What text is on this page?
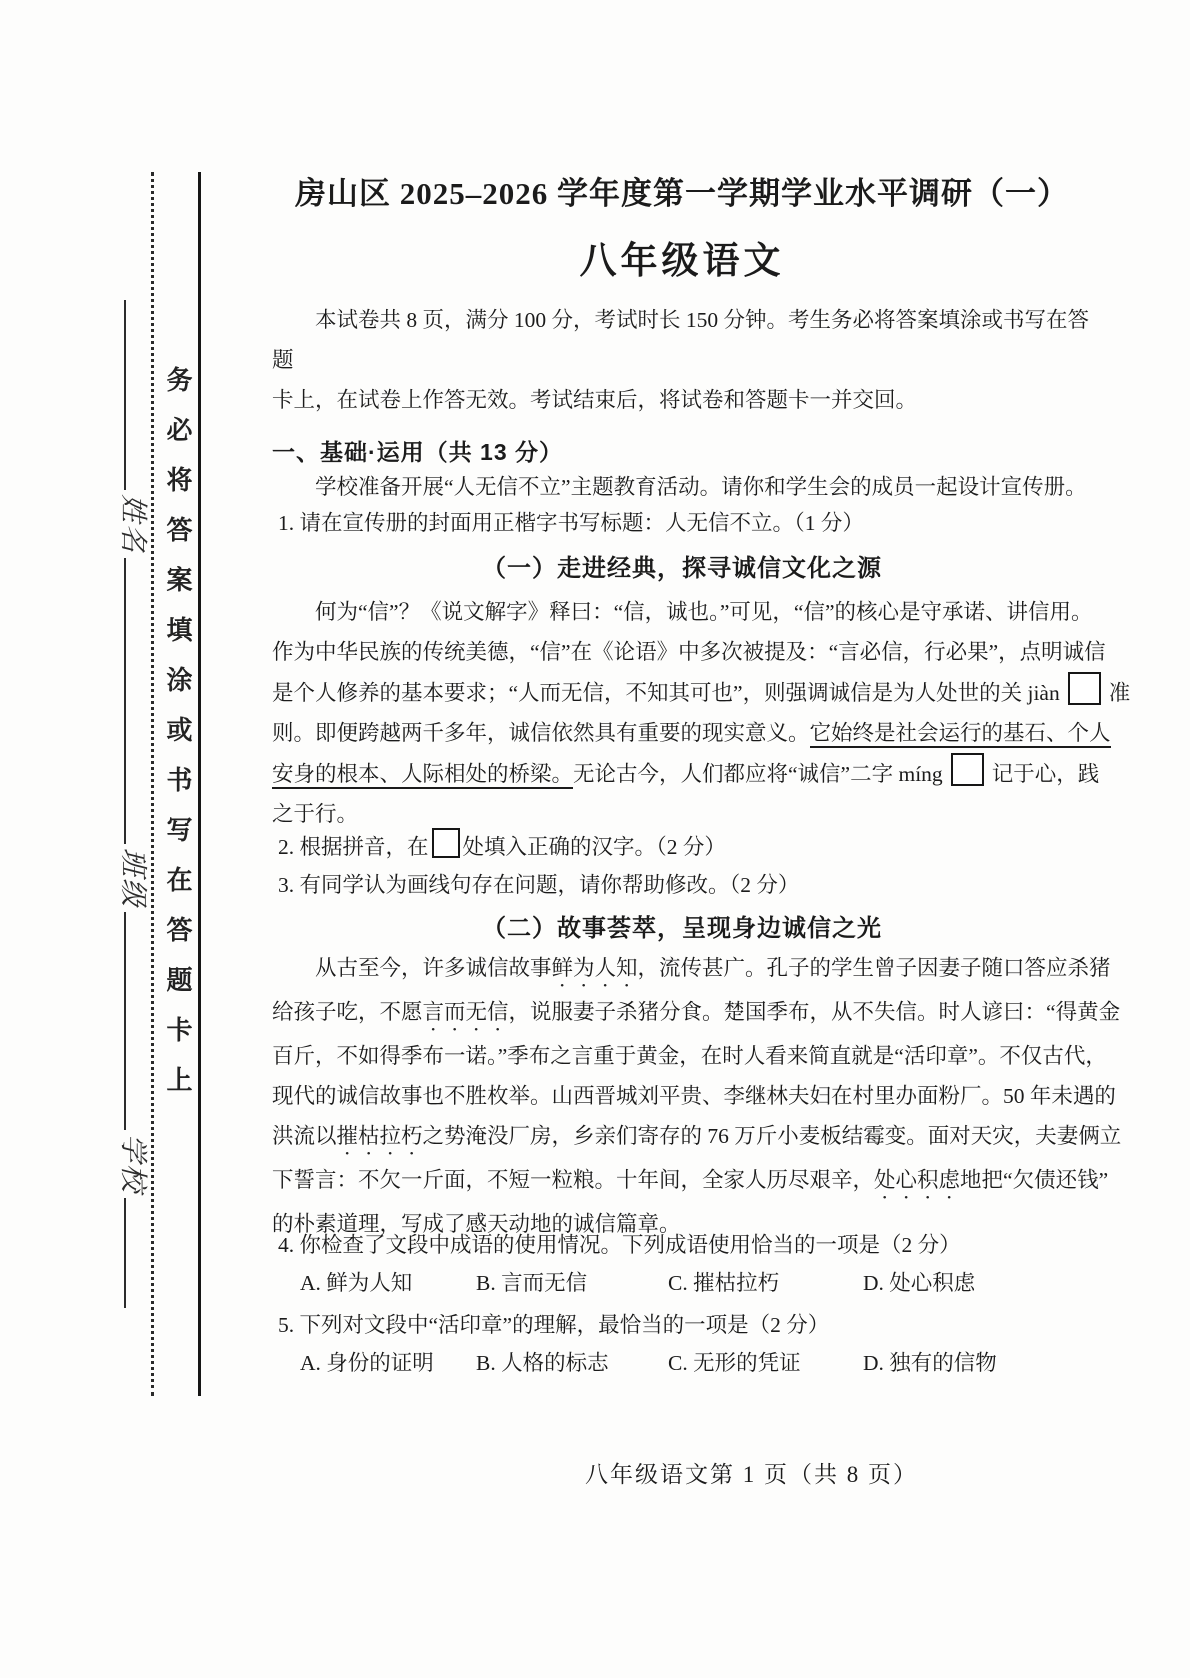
姓名班级学校
务必将答案填涂或书写在答题卡上
房山区 2025–2026 学年度第一学期学业水平调研（一）
八年级语文
本试卷共 8 页，满分 100 分，考试时长 150 分钟。考生务必将答案填涂或书写在答题
卡上，在试卷上作答无效。考试结束后，将试卷和答题卡一并交回。
一、基础·运用（共 13 分）
学校准备开展“人无信不立”主题教育活动。请你和学生会的成员一起设计宣传册。
1. 请在宣传册的封面用正楷字书写标题：人无信不立。（1 分）
（一）走进经典，探寻诚信文化之源
何为“信”？《说文解字》释曰：“信，诚也。”可见，“信”的核心是守承诺、讲信用。
作为中华民族的传统美德，“信”在《论语》中多次被提及：“言必信，行必果”，点明诚信
是个人修养的基本要求；“人而无信，不知其可也”，则强调诚信是为人处世的关 jiàn 准
则。即便跨越两千多年，诚信依然具有重要的现实意义。它始终是社会运行的基石、个人
安身的根本、人际相处的桥梁。无论古今，人们都应将“诚信”二字 míng 记于心，践
之于行。
2. 根据拼音，在 处填入正确的汉字。（2 分）
3. 有同学认为画线句存在问题，请你帮助修改。（2 分）
（二）故事荟萃，呈现身边诚信之光
从古至今，许多诚信故事鲜为人知，流传甚广。孔子的学生曾子因妻子随口答应杀猪
给孩子吃，不愿言而无信，说服妻子杀猪分食。楚国季布，从不失信。时人谚曰：“得黄金
百斤，不如得季布一诺。”季布之言重于黄金，在时人看来简直就是“活印章”。不仅古代，
现代的诚信故事也不胜枚举。山西晋城刘平贵、李继林夫妇在村里办面粉厂。50 年未遇的
洪流以摧枯拉朽之势淹没厂房，乡亲们寄存的 76 万斤小麦板结霉变。面对天灾，夫妻俩立
下誓言：不欠一斤面，不短一粒粮。十年间，全家人历尽艰辛，处心积虑地把“欠债还钱”
的朴素道理，写成了感天动地的诚信篇章。
4. 你检查了文段中成语的使用情况。下列成语使用恰当的一项是（2 分）
A. 鲜为人知	B. 言而无信	C. 摧枯拉朽	D. 处心积虑
5. 下列对文段中“活印章”的理解，最恰当的一项是（2 分）
A. 身份的证明 B. 人格的标志	C. 无形的凭证	D. 独有的信物
八年级语文第 1 页（共 8 页）
